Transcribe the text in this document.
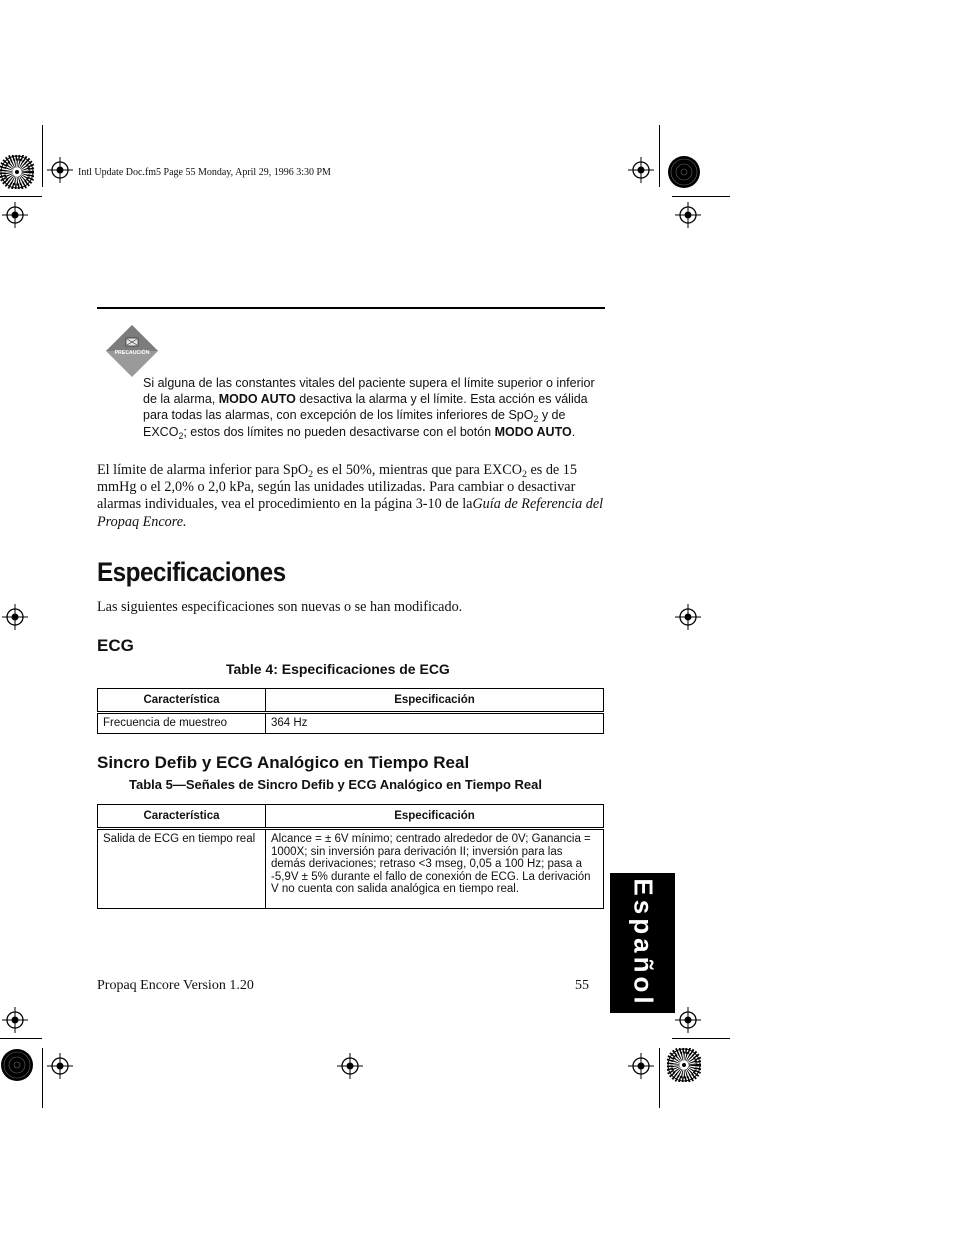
Intl Update Doc.fm5 Page 55 Monday, April 29, 1996 3:30 PM
PRECAUCIÓN
Si alguna de las constantes vitales del paciente supera el límite superior o inferior de la alarma, MODO AUTO desactiva la alarma y el límite. Esta acción es válida para todas las alarmas, con excepción de los límites inferiores de SpO$_2$ y de $EXCO_2$; estos dos límites no pueden desactivarse con el botón MODO AUTO.
El límite de alarma inferior para SpO$_2$ es el 50%, mientras que para $EXCO_2$ es de 15 mmHg o el 2,0% o 2,0 kPa, según las unidades utilizadas. Para cambiar o desactivar alarmas individuales, vea el procedimiento en la página 3-10 de laGuía de Referencia del Propaq Encore.
Especificaciones
Las siguientes especificaciones son nuevas o se han modificado.
ECG
Table 4: Especificaciones de ECG
Característica	Especificación
Frecuencia de muestreo	364 Hz
Sincro Defib y ECG Analógico en Tiempo Real
Tabla 5—Señales de Sincro Defib y ECG Analógico en Tiempo Real
Característica	Especificación
Salida de ECG en tiempo real	Alcance = ± 6V mínimo; centrado alrededor de 0V; Ganancia = 1000X; sin inversión para derivación II; inversión para las demás derivaciones; retraso <3 mseg, 0,05 a 100 Hz; pasa a -5,9V ± 5% durante el fallo de conexión de ECG. La derivación V no cuenta con salida analógica en tiempo real.
Propaq Encore Version 1.20	55 Español
